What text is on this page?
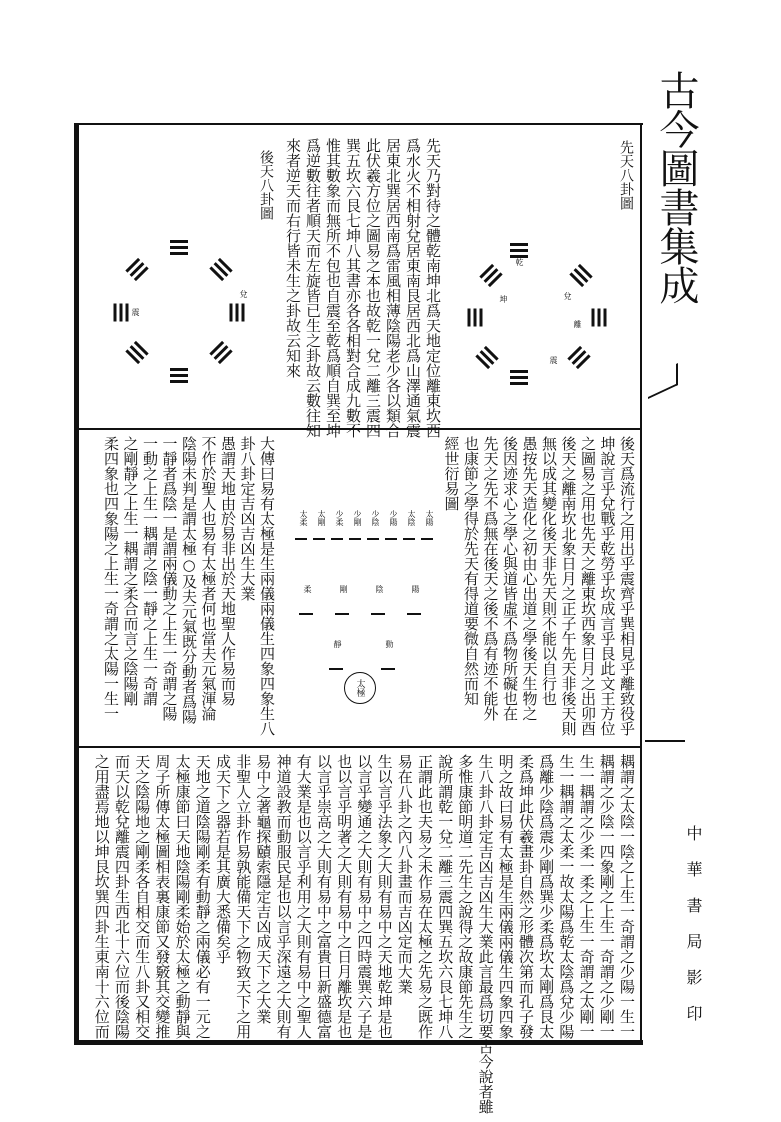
古今圖書集成
中華書局影印
先天八卦圖
後天八卦圖	先天乃對待之體乾南坤北爲天地定位離東坎西
爲水火不相射兌居東南艮居西北爲山澤通氣震
居東北巽居西南爲雷風相薄陰陽老少各以類合
此伏羲方位之圖易之本也故乾一兌二離三震四
巽五坎六艮七坤八其書亦各各相對合成九數不
惟其數象而無所不包也自震至乾爲順自巽至坤
爲逆數往者順天而左旋皆已生之卦故云數往知
來者逆天而右行皆未生之卦故云知來	乾
兌
離
震
坤
兌
震
後天爲流行之用出乎震齊乎巽相見乎離致役乎
坤說言乎兌戰乎乾勞乎坎成言乎艮此文王方位
之圖易之用也先天之離東坎西象日月之出卯酉
後天之離南坎北象日月之正子午先天非後天則
無以成其變化後天非先天則不能以自行也
愚按先天造化之初由心出道之學後天生物之
後因迹求心之學心與道皆虛不爲物所礙也在
先天之先不爲無在後天之後不爲有迹不能外
也康節之學得於先天有得道要微自然而知
經世衍易圖
大傳曰易有太極是生兩儀兩儀生四象四象生八
卦八卦定吉凶吉凶生大業
愚謂天地由於易非出於天地聖人作易而易
不作於聖人也易有太極者何也當夫元氣渾淪
陰陽未判是謂太極○及夫元氣既分動者爲陽
一靜者爲陰一是謂兩儀動之上生一奇謂之陽
一動之上生一耦謂之陰一靜之上生一奇謂
之剛靜之上生一耦謂之柔合而言之陰陽剛
柔四象也四象陽之上生一奇謂之太陽一生一	太陽
太陰
少陽
少陰
少剛
少柔
太剛
太柔
陽
陰
剛
柔
動
靜
太極
耦謂之太陰一陰之上生一奇謂之少陽一生一
耦謂之少陰一四象剛之上生一奇謂之少剛一
生一耦謂之少柔一柔之上生一奇謂之太剛一
生一耦謂之太柔一故太陽爲乾太陰爲兌少陽
爲離少陰爲震少剛爲巽少柔爲坎太剛爲艮太
柔爲坤此伏羲畫卦自然之形體次第而孔子發
明之故曰易有太極是生兩儀兩儀生四象四象
生八卦八卦定吉凶吉凶生大業此言最爲切要古今說者雖
多惟康節明道二先生之說得之故康節先生之
說所謂乾一兌二離三震四巽五坎六艮七坤八
正謂此也夫易之未作易在太極之先易之既作
易在八卦之內八卦畫而吉凶定而大業
生以言乎法象之大則有易中之天地乾坤是也
以言乎變通之大則有易中之四時震巽六子是
也以言乎明著之大則有易中之日月離坎是也
以言乎崇高之大則有易中之富貴日新盛德富
有大業是也以言乎利用之大則有易中之聖人
神道設教而動服民是也以言乎深遠之大則有
易中之著龜探賾索隱定吉凶成天下之大業
非聖人立卦作易孰能備天下之物致天下之用
成天下之器若是其廣大悉備矣乎
天地之道陰陽剛柔有動靜之兩儀必有一元之
太極康節曰天地陰陽剛柔始於太極之動靜與
周子所傳太極圖相表裏康節又發竅其交變推
天之陰陽地之剛柔各自相交而生八卦又相交
而天以乾兌離震四卦生西北十六位而後陰陽
之用盡焉地以坤艮坎巽四卦生東南十六位而
